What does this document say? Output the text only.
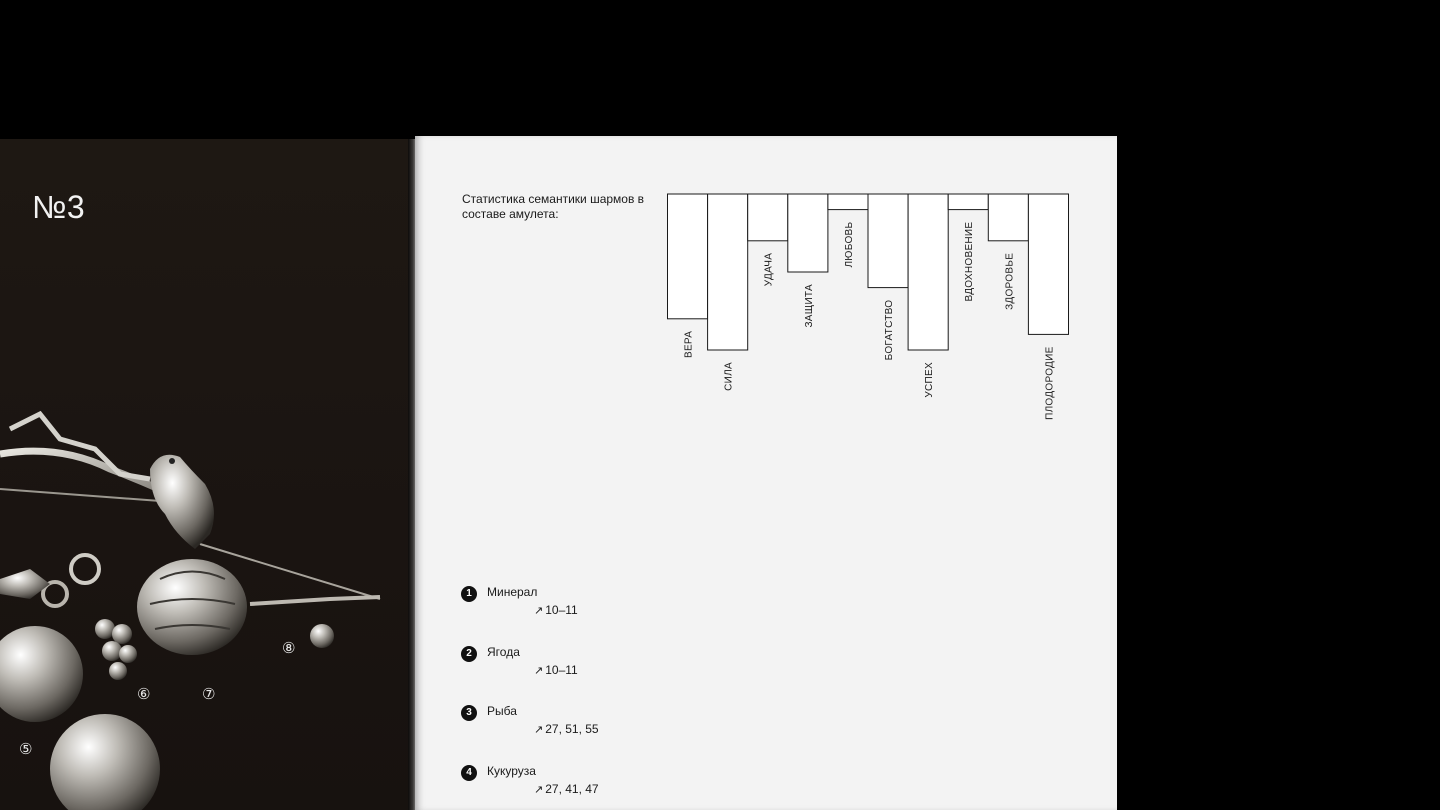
№3
⑧
⑦
⑥
⑤
Статистика семантики шармов в составе амулета:
ВЕРА
СИЛА
УДАЧА
ЗАЩИТА
ЛЮБОВЬ
БОГАТСТВО
УСПЕХ
ВДОХНОВЕНИЕ	ЗДОРОВЬЕ
ПЛОДОРОДИЕ
1	Минерал
↗ 10–11
2	Ягода
↗ 10–11
3	Рыба
↗ 27, 51, 55
4	Кукуруза
↗ 27, 41, 47
